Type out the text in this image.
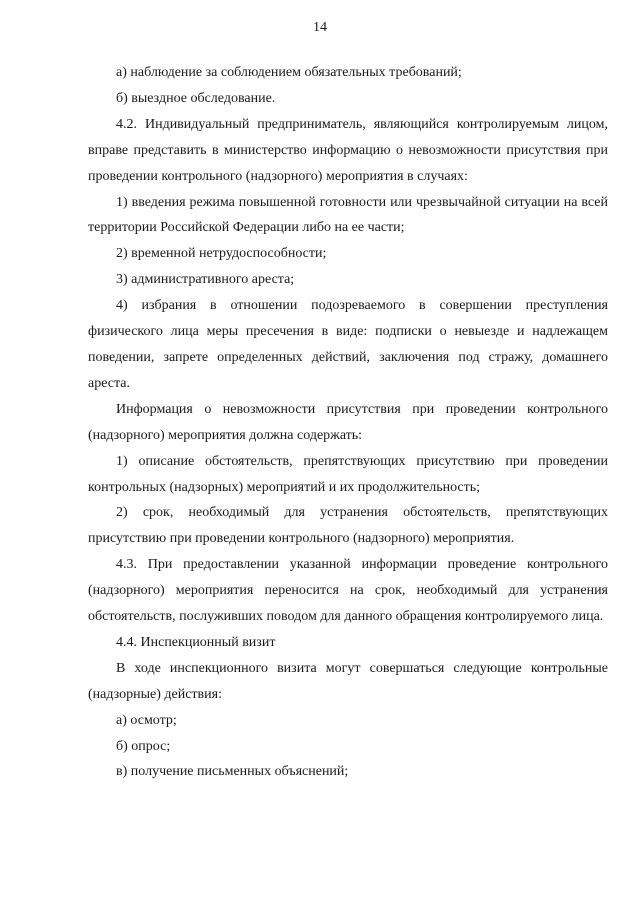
14

а) наблюдение за соблюдением обязательных требований;

б) выездное обследование.

4.2. Индивидуальный предприниматель, являющийся контролируемым лицом, вправе представить в министерство информацию о невозможности присутствия при проведении контрольного (надзорного) мероприятия в случаях:

1) введения режима повышенной готовности или чрезвычайной ситуации на всей территории Российской Федерации либо на ее части;

2) временной нетрудоспособности;

3) административного ареста;

4) избрания в отношении подозреваемого в совершении преступления физического лица меры пресечения в виде: подписки о невыезде и надлежащем поведении, запрете определенных действий, заключения под стражу, домашнего ареста.

Информация о невозможности присутствия при проведении контрольного (надзорного) мероприятия должна содержать:

1) описание обстоятельств, препятствующих присутствию при проведении контрольных (надзорных) мероприятий и их продолжительность;

2) срок, необходимый для устранения обстоятельств, препятствующих присутствию при проведении контрольного (надзорного) мероприятия.

4.3. При предоставлении указанной информации проведение контрольного (надзорного) мероприятия переносится на срок, необходимый для устранения обстоятельств, послуживших поводом для данного обращения контролируемого лица.

4.4. Инспекционный визит

В ходе инспекционного визита могут совершаться следующие контрольные (надзорные) действия:

а) осмотр;

б) опрос;

в) получение письменных объяснений;
